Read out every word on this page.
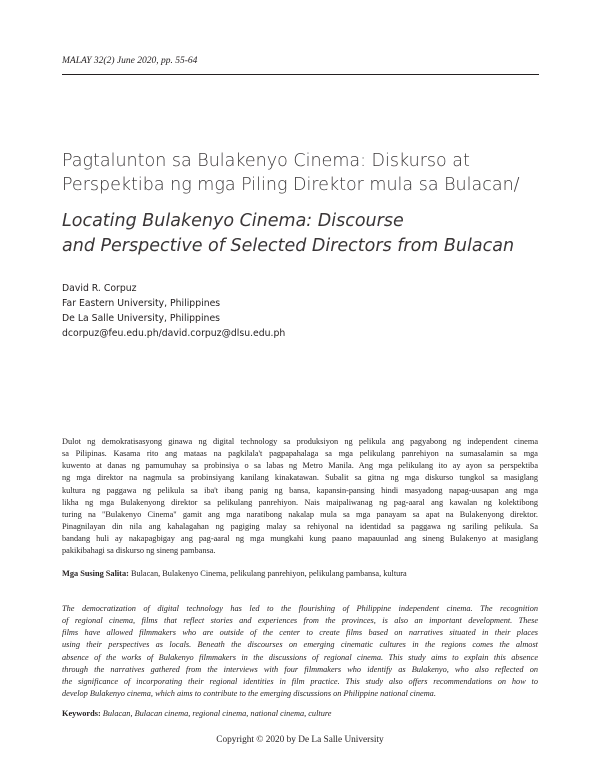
MALAY 32(2) June 2020, pp. 55-64
Pagtalunton sa Bulakenyo Cinema: Diskurso at
Perspektiba ng mga Piling Direktor mula sa Bulacan/
Locating Bulakenyo Cinema: Discourse
and Perspective of Selected Directors from Bulacan
David R. Corpuz
Far Eastern University, Philippines
De La Salle University, Philippines
dcorpuz@feu.edu.ph/david.corpuz@dlsu.edu.ph
Dulot ng demokratisasyong ginawa ng digital technology sa produksiyon ng pelikula ang pagyabong ng independent cinema
sa Pilipinas. Kasama rito ang mataas na pagkilala't pagpapahalaga sa mga pelikulang panrehiyon na sumasalamin sa mga
kuwento at danas ng pamumuhay sa probinsiya o sa labas ng Metro Manila. Ang mga pelikulang ito ay ayon sa perspektiba
ng mga direktor na nagmula sa probinsiyang kanilang kinakatawan. Subalit sa gitna ng mga diskurso tungkol sa masiglang
kultura ng paggawa ng pelikula sa iba't ibang panig ng bansa, kapansin-pansing hindi masyadong napag-uusapan ang mga
likha ng mga Bulakenyong direktor sa pelikulang panrehiyon. Nais maipaliwanag ng pag-aaral ang kawalan ng kolektibong
turing na "Bulakenyo Cinema" gamit ang mga naratibong nakalap mula sa mga panayam sa apat na Bulakenyong direktor.
Pinagnilayan din nila ang kahalagahan ng pagiging malay sa rehiyonal na identidad sa paggawa ng sariling pelikula. Sa
bandang huli ay nakapagbigay ang pag-aaral ng mga mungkahi kung paano mapauunlad ang sineng Bulakenyo at masiglang
pakikibahagi sa diskurso ng sineng pambansa.
Mga Susing Salita: Bulacan, Bulakenyo Cinema, pelikulang panrehiyon, pelikulang pambansa, kultura
The democratization of digital technology has led to the flourishing of Philippine independent cinema. The recognition
of regional cinema, films that reflect stories and experiences from the provinces, is also an important development. These
films have allowed filmmakers who are outside of the center to create films based on narratives situated in their places
using their perspectives as locals. Beneath the discourses on emerging cinematic cultures in the regions comes the almost
absence of the works of Bulakenyo filmmakers in the discussions of regional cinema. This study aims to explain this absence
through the narratives gathered from the interviews with four filmmakers who identify as Bulakenyo, who also reflected on
the significance of incorporating their regional identities in film practice. This study also offers recommendations on how to
develop Bulakenyo cinema, which aims to contribute to the emerging discussions on Philippine national cinema.
Keywords: Bulacan, Bulacan cinema, regional cinema, national cinema, culture
Copyright © 2020 by De La Salle University
